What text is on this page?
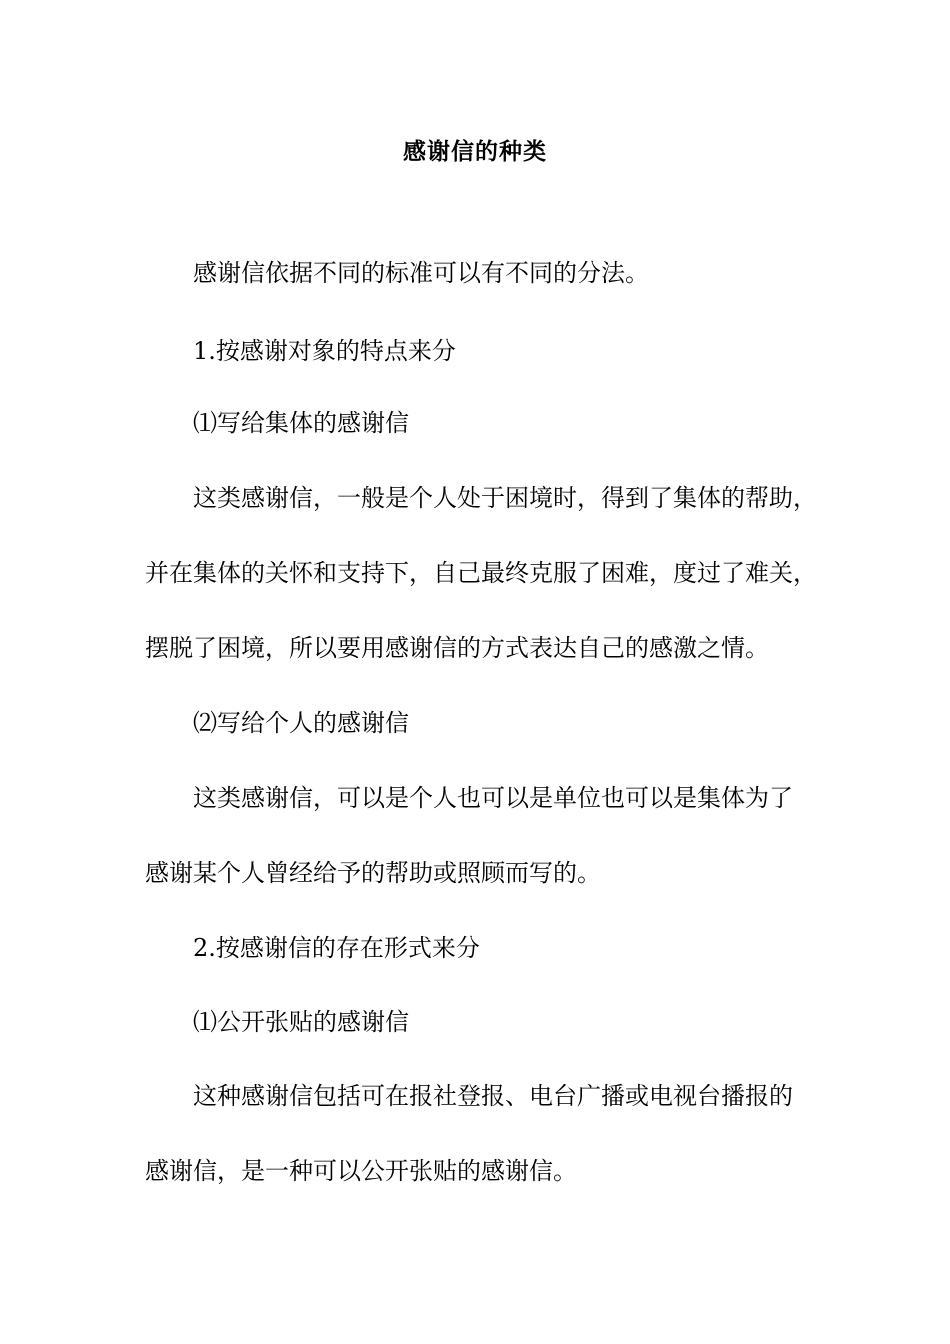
感谢信的种类
感谢信依据不同的标准可以有不同的分法。
1.按感谢对象的特点来分
⑴写给集体的感谢信
这类感谢信，一般是个人处于困境时，得到了集体的帮助，
并在集体的关怀和支持下，自己最终克服了困难，度过了难关，
摆脱了困境，所以要用感谢信的方式表达自己的感激之情。
⑵写给个人的感谢信
这类感谢信，可以是个人也可以是单位也可以是集体为了
感谢某个人曾经给予的帮助或照顾而写的。
2.按感谢信的存在形式来分
⑴公开张贴的感谢信
这种感谢信包括可在报社登报、电台广播或电视台播报的
感谢信，是一种可以公开张贴的感谢信。
